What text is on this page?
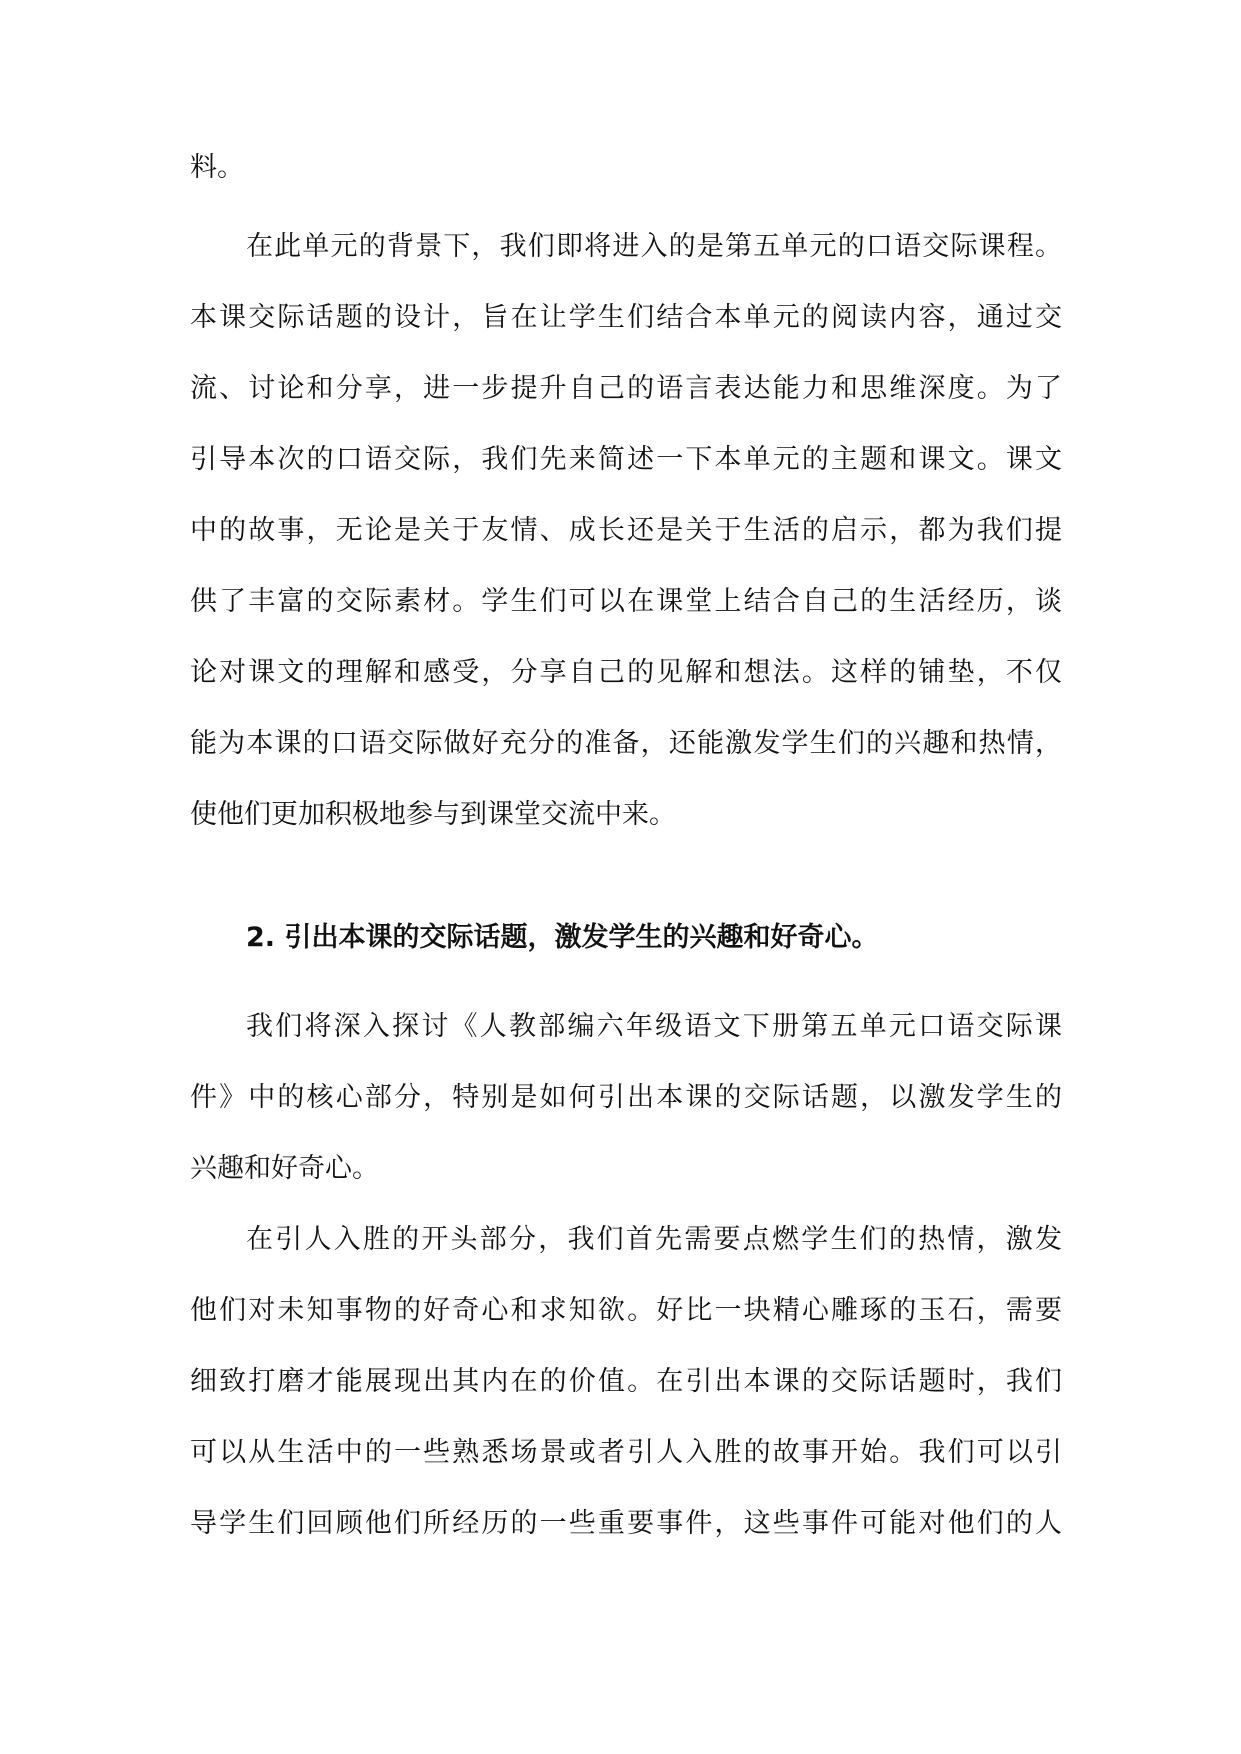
料。
在此单元的背景下，我们即将进入的是第五单元的口语交际课程。
本课交际话题的设计，旨在让学生们结合本单元的阅读内容，通过交
流、讨论和分享，进一步提升自己的语言表达能力和思维深度。为了
引导本次的口语交际，我们先来简述一下本单元的主题和课文。课文
中的故事，无论是关于友情、成长还是关于生活的启示，都为我们提
供了丰富的交际素材。学生们可以在课堂上结合自己的生活经历，谈
论对课文的理解和感受，分享自己的见解和想法。这样的铺垫，不仅
能为本课的口语交际做好充分的准备，还能激发学生们的兴趣和热情，
使他们更加积极地参与到课堂交流中来。
2. 引出本课的交际话题，激发学生的兴趣和好奇心。
我们将深入探讨《人教部编六年级语文下册第五单元口语交际课
件》中的核心部分，特别是如何引出本课的交际话题，以激发学生的
兴趣和好奇心。
在引人入胜的开头部分，我们首先需要点燃学生们的热情，激发
他们对未知事物的好奇心和求知欲。好比一块精心雕琢的玉石，需要
细致打磨才能展现出其内在的价值。在引出本课的交际话题时，我们
可以从生活中的一些熟悉场景或者引人入胜的故事开始。我们可以引
导学生们回顾他们所经历的一些重要事件，这些事件可能对他们的人
